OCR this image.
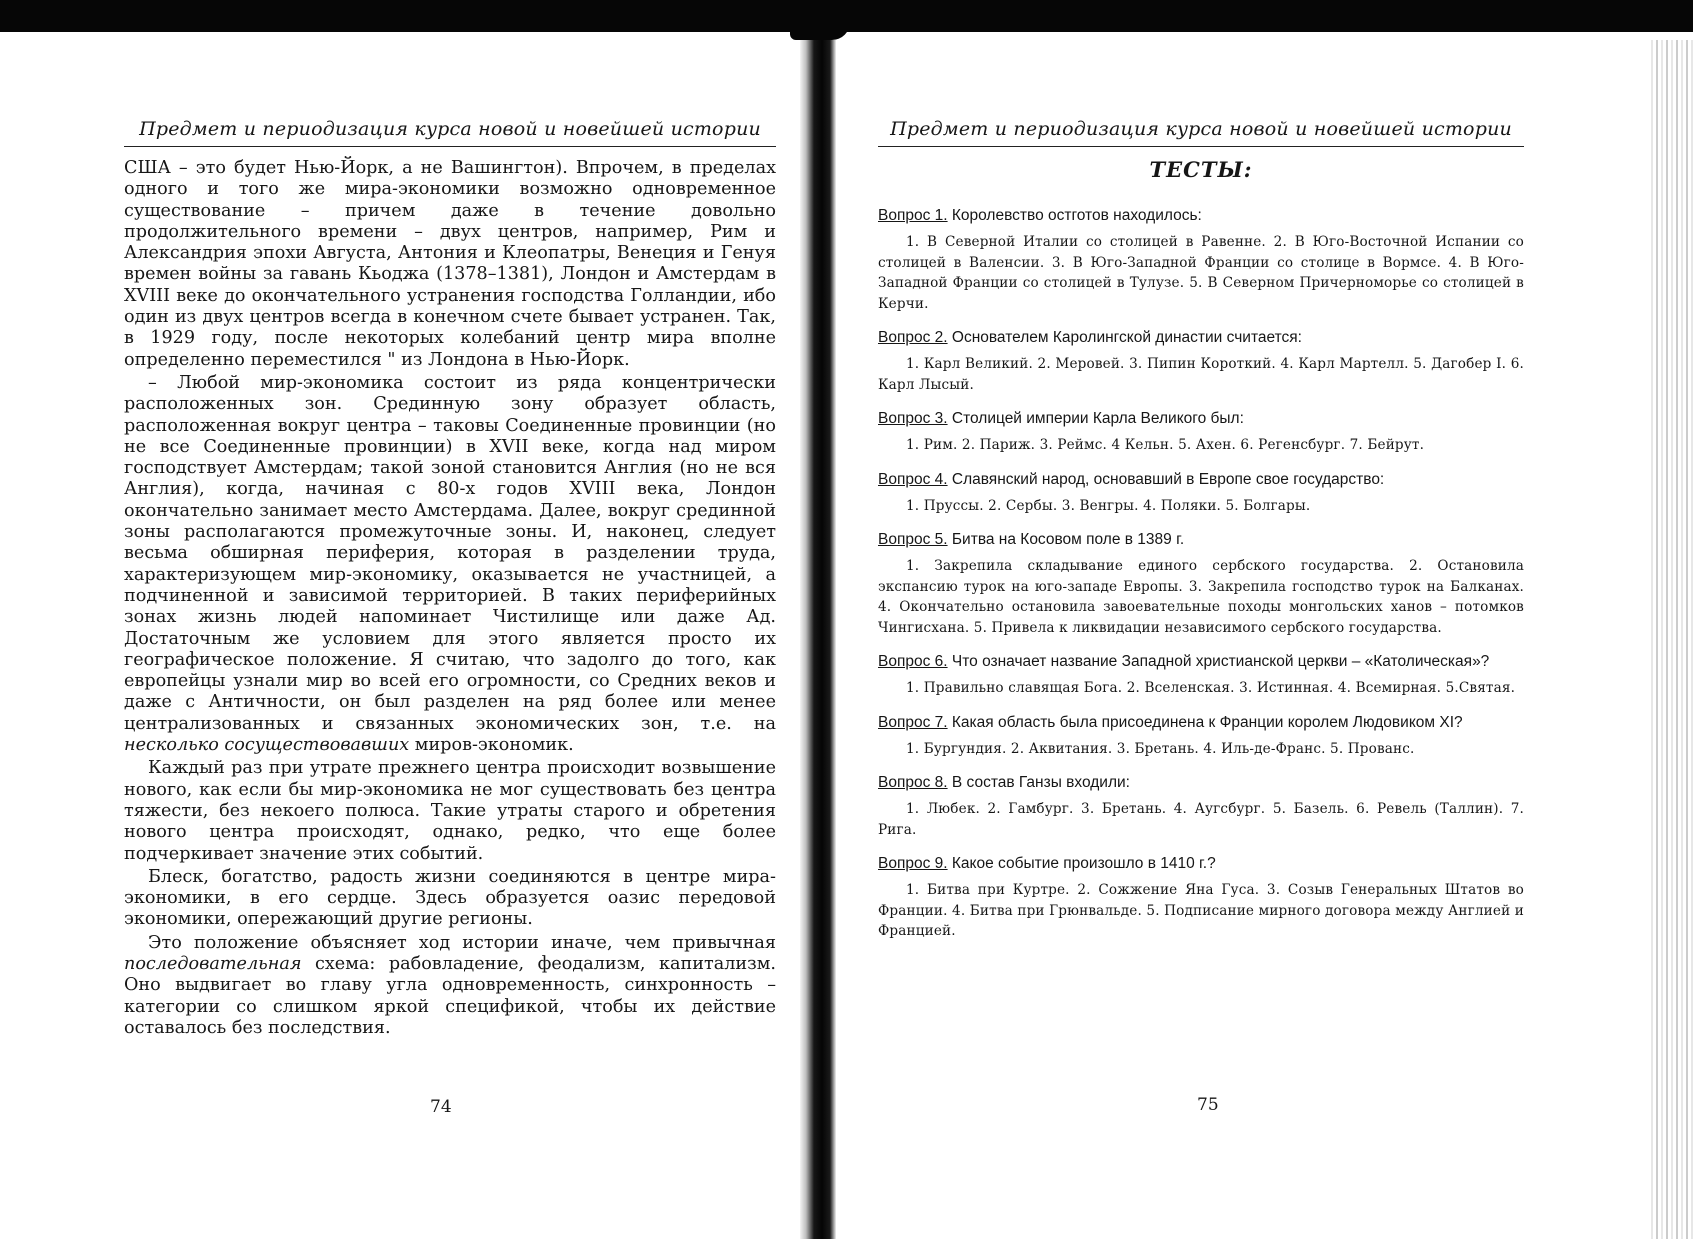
Предмет и периодизация курса новой и новейшей истории

США – это будет Нью-Йорк, а не Вашингтон). Впрочем, в пределах одного и того же мира-экономики возможно одновременное существование – причем даже в течение довольно продолжительного времени – двух центров, например, Рим и Александрия эпохи Августа, Антония и Клеопатры, Венеция и Генуя времен войны за гавань Кьоджа (1378–1381), Лондон и Амстердам в XVIII веке до окончательного устранения господства Голландии, ибо один из двух центров всегда в конечном счете бывает устранен. Так, в 1929 году, после некоторых колебаний центр мира вполне определенно переместился " из Лондона в Нью-Йорк.

– Любой мир-экономика состоит из ряда концентрически расположенных зон. Срединную зону образует область, расположенная вокруг центра – таковы Соединенные провинции (но не все Соединенные провинции) в XVII веке, когда над миром господствует Амстердам; такой зоной становится Англия (но не вся Англия), когда, начиная с 80-х годов XVIII века, Лондон окончательно занимает место Амстердама. Далее, вокруг срединной зоны располагаются промежуточные зоны. И, наконец, следует весьма обширная периферия, которая в разделении труда, характеризующем мир-экономику, оказывается не участницей, а подчиненной и зависимой территорией. В таких периферийных зонах жизнь людей напоминает Чистилище или даже Ад. Достаточным же условием для этого является просто их географическое положение. Я считаю, что задолго до того, как европейцы узнали мир во всей его огромности, со Средних веков и даже с Античности, он был разделен на ряд более или менее централизованных и связанных экономических зон, т.е. на несколько сосуществовавших миров-экономик.

Каждый раз при утрате прежнего центра происходит возвышение нового, как если бы мир-экономика не мог существовать без центра тяжести, без некоего полюса. Такие утраты старого и обретения нового центра происходят, однако, редко, что еще более подчеркивает значение этих событий.

Блеск, богатство, радость жизни соединяются в центре мира-экономики, в его сердце. Здесь образуется оазис передовой экономики, опережающий другие регионы.

Это положение объясняет ход истории иначе, чем привычная последовательная схема: рабовладение, феодализм, капитализм. Оно выдвигает во главу угла одновременность, синхронность – категории со слишком яркой спецификой, чтобы их действие оставалось без последствия.

74
Предмет и периодизация курса новой и новейшей истории
ТЕСТЫ:
Вопрос 1. Королевство остготов находилось:
1. В Северной Италии со столицей в Равенне. 2. В Юго-Восточной Испании со столицей в Валенсии. 3. В Юго-Западной Франции со столице в Вормсе. 4. В Юго-Западной Франции со столицей в Тулузе. 5. В Северном Причерноморье со столицей в Керчи.
Вопрос 2. Основателем Каролингской династии считается:
1. Карл Великий. 2. Меровей. 3. Пипин Короткий. 4. Карл Мартелл. 5. Дагобер I. 6. Карл Лысый.
Вопрос 3. Столицей империи Карла Великого был:
1. Рим. 2. Париж. 3. Реймс. 4 Кельн. 5. Ахен. 6. Регенсбург. 7. Бейрут.
Вопрос 4. Славянский народ, основавший в Европе свое государство:
1. Пруссы. 2. Сербы. 3. Венгры. 4. Поляки. 5. Болгары.
Вопрос 5. Битва на Косовом поле в 1389 г.
1. Закрепила складывание единого сербского государства. 2. Остановила экспансию турок на юго-западе Европы. 3. Закрепила господство турок на Балканах. 4. Окончательно остановила завоевательные походы монгольских ханов – потомков Чингисхана. 5. Привела к ликвидации независимого сербского государства.
Вопрос 6. Что означает название Западной христианской церкви – «Католическая»?
1. Правильно славящая Бога. 2. Вселенская. 3. Истинная. 4. Всемирная. 5.Святая.
Вопрос 7. Какая область была присоединена к Франции королем Людовиком XI?
1. Бургундия. 2. Аквитания. 3. Бретань. 4. Иль-де-Франс. 5. Прованс.
Вопрос 8. В состав Ганзы входили:
1. Любек. 2. Гамбург. 3. Бретань. 4. Аугсбург. 5. Базель. 6. Ревель (Таллин). 7. Рига.
Вопрос 9. Какое событие произошло в 1410 г.?
1. Битва при Куртре. 2. Сожжение Яна Гуса. 3. Созыв Генеральных Штатов во Франции. 4. Битва при Грюнвальде. 5. Подписание мирного договора между Англией и Францией.
75
